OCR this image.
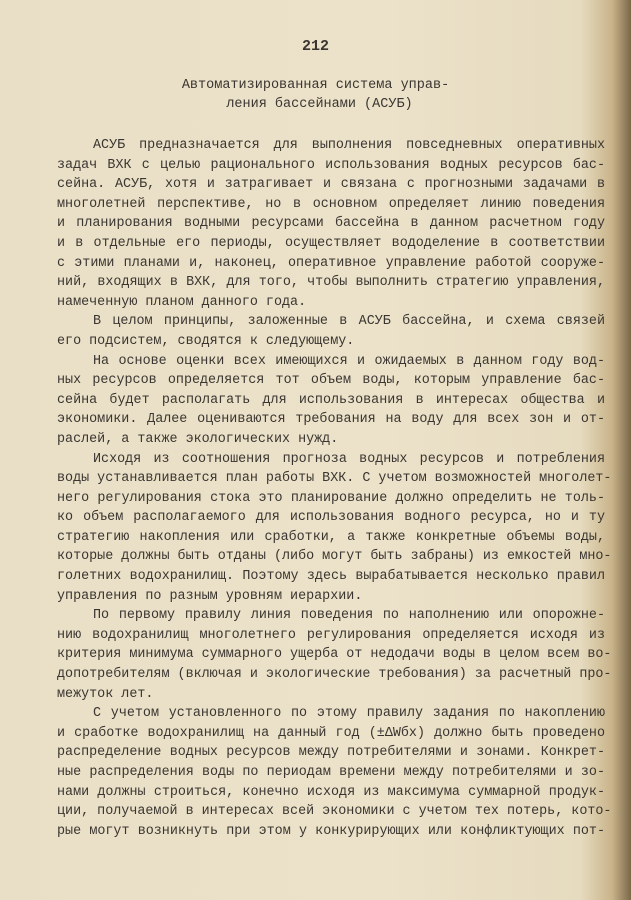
212
Автоматизированная система управ-
ления бассейнами (АСУБ)
АСУБ предназначается для выполнения повседневных оперативных
задач ВХК с целью рационального использования водных ресурсов бас-
сейна. АСУБ, хотя и затрагивает и связана с прогнозными задачами в
многолетней перспективе, но в основном определяет линию поведения
и планирования водными ресурсами бассейна в данном расчетном году
и в отдельные его периоды, осуществляет вододеление в соответствии
с этими планами и, наконец, оперативное управление работой сооруже-
ний, входящих в ВХК, для того, чтобы выполнить стратегию управления,
намеченную планом данного года.
В целом принципы, заложенные в АСУБ бассейна, и схема связей
его подсистем, сводятся к следующему.
На основе оценки всех имеющихся и ожидаемых в данном году вод-
ных ресурсов определяется тот объем воды, которым управление бас-
сейна будет располагать для использования в интересах общества и
экономики. Далее оцениваются требования на воду для всех зон и от-
раслей, а также экологических нужд.
Исходя из соотношения прогноза водных ресурсов и потребления
воды устанавливается план работы ВХК. С учетом возможностей многолет-
него регулирования стока это планирование должно определить не толь-
ко объем располагаемого для использования водного ресурса, но и ту
стратегию накопления или сработки, а также конкретные объемы воды,
которые должны быть отданы (либо могут быть забраны) из емкостей мно-
голетних водохранилищ. Поэтому здесь вырабатывается несколько правил
управления по разным уровням иерархии.
По первому правилу линия поведения по наполнению или опорожне-
нию водохранилищ многолетнего регулирования определяется исходя из
критерия минимума суммарного ущерба от недодачи воды в целом всем во-
допотребителям (включая и экологические требования) за расчетный про-
межуток лет.
С учетом установленного по этому правилу задания по накоплению
и сработке водохранилищ на данный год (±ΔWбх) должно быть проведено
распределение водных ресурсов между потребителями и зонами. Конкрет-
ные распределения воды по периодам времени между потребителями и зо-
нами должны строиться, конечно исходя из максимума суммарной продук-
ции, получаемой в интересах всей экономики с учетом тех потерь, кото-
рые могут возникнуть при этом у конкурирующих или конфликтующих пот-
